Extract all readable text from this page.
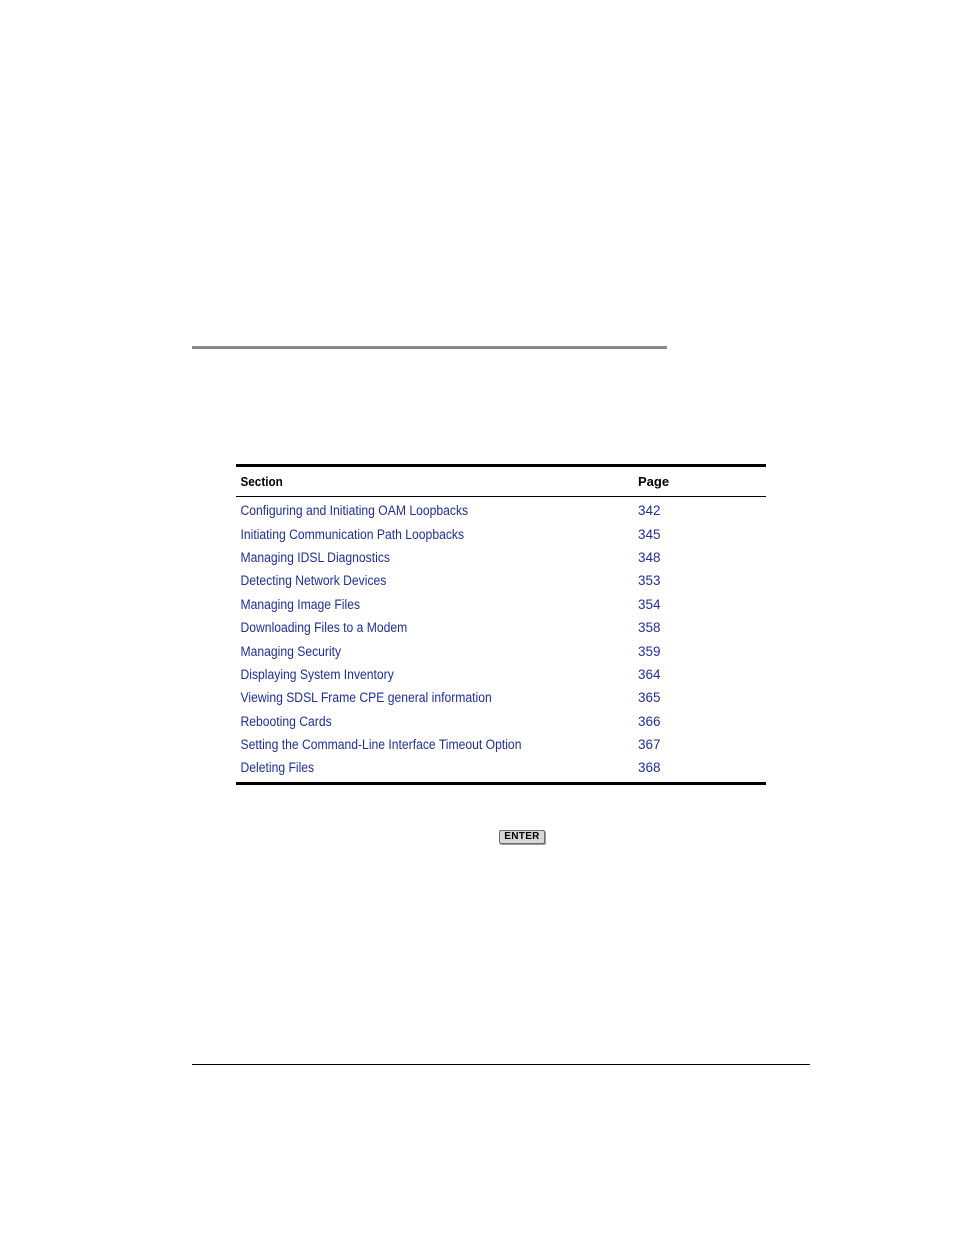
Section	Page
Configuring and Initiating OAM Loopbacks	342
Initiating Communication Path Loopbacks	345
Managing IDSL Diagnostics	348
Detecting Network Devices	353
Managing Image Files	354
Downloading Files to a Modem	358
Managing Security	359
Displaying System Inventory	364
Viewing SDSL Frame CPE general information	365
Rebooting Cards	366
Setting the Command-Line Interface Timeout Option	367
Deleting Files	368
ENTER
